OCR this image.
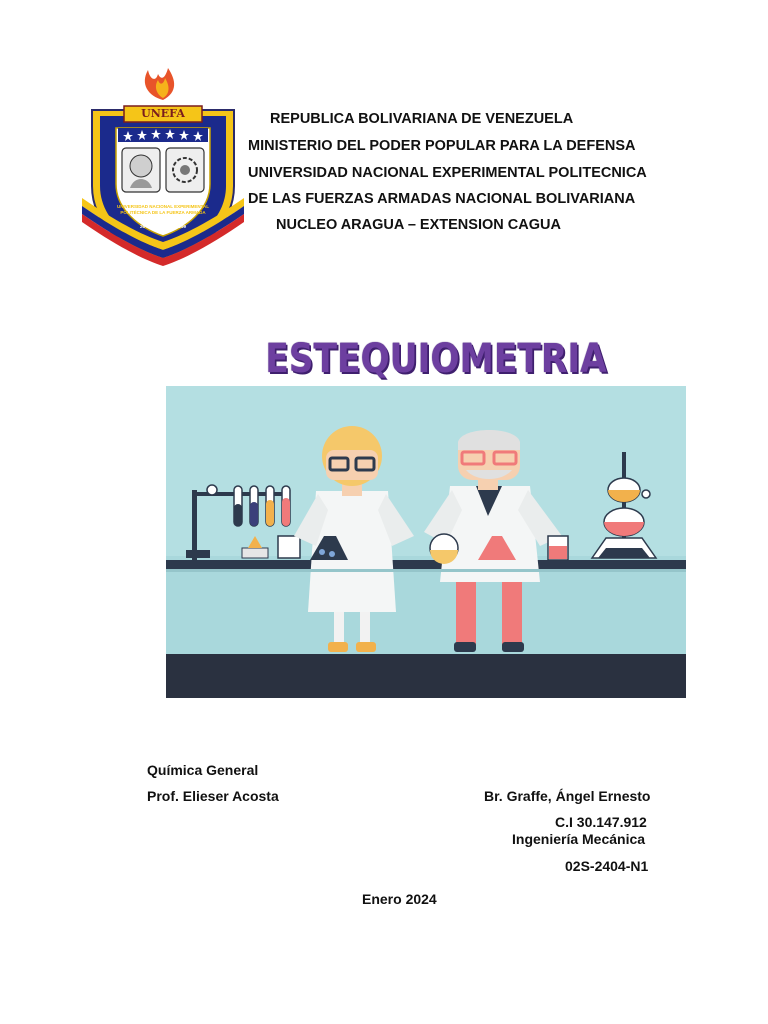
UNEFA
UNIVERSIDAD NACIONAL EXPERIMENTAL POLITÉCNICA DE LA FUERZA ARMADA
26 DE ABRIL DE 1999
REPUBLICA BOLIVARIANA DE VENEZUELA
MINISTERIO DEL PODER POPULAR PARA LA DEFENSA
UNIVERSIDAD NACIONAL EXPERIMENTAL POLITECNICA
DE LAS FUERZAS ARMADAS NACIONAL BOLIVARIANA
NUCLEO ARAGUA – EXTENSION CAGUA
ESTEQUIOMETRIA
Química General
Prof. Elieser Acosta	Br. Graffe, Ángel Ernesto
C.I 30.147.912
Ingeniería Mecánica
02S-2404-N1
Enero 2024
